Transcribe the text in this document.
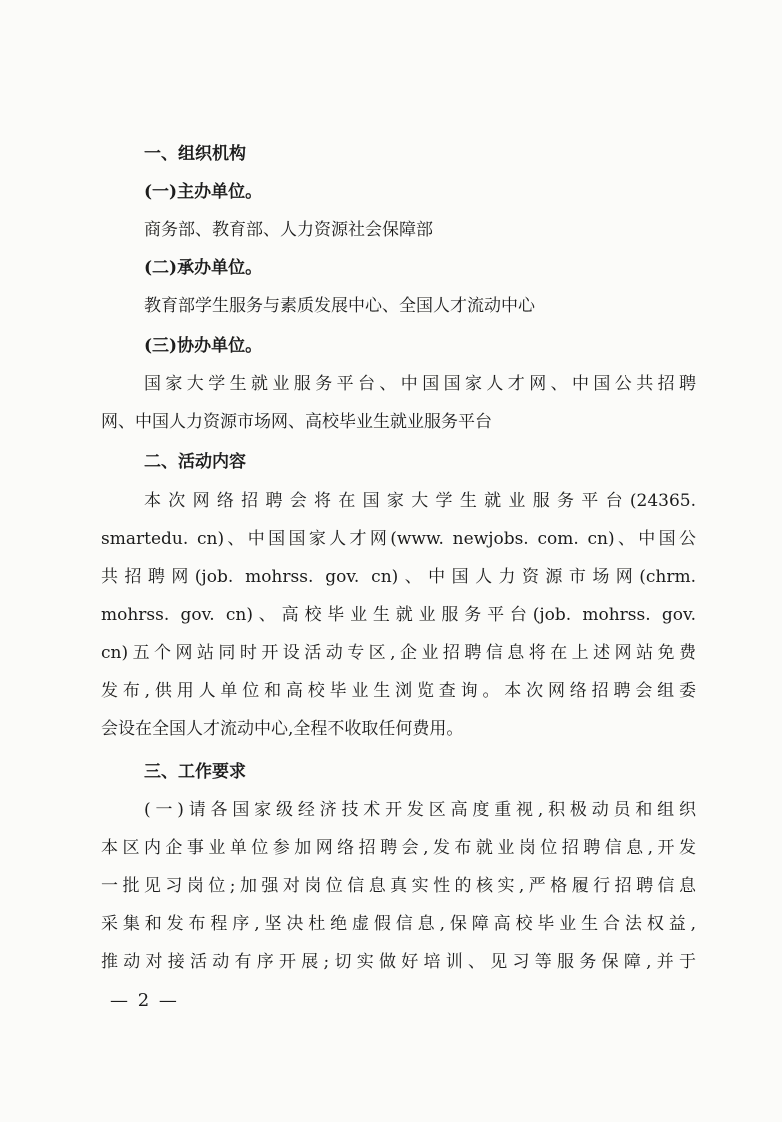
一、组织机构
(一)主办单位。
商务部、教育部、人力资源社会保障部
(二)承办单位。
教育部学生服务与素质发展中心、全国人才流动中心
(三)协办单位。
国家大学生就业服务平台、中国国家人才网、中国公共招聘
网、中国人力资源市场网、高校毕业生就业服务平台
二、活动内容
本次网络招聘会将在国家大学生就业服务平台(24365.
smartedu. cn)、中国国家人才网(www. newjobs. com. cn)、中国公
共招聘网(job. mohrss. gov. cn)、中国人力资源市场网(chrm.
mohrss. gov. cn)、高校毕业生就业服务平台(job. mohrss. gov.
cn)五个网站同时开设活动专区,企业招聘信息将在上述网站免费
发布,供用人单位和高校毕业生浏览查询。本次网络招聘会组委
会设在全国人才流动中心,全程不收取任何费用。
三、工作要求
(一)请各国家级经济技术开发区高度重视,积极动员和组织
本区内企事业单位参加网络招聘会,发布就业岗位招聘信息,开发
一批见习岗位;加强对岗位信息真实性的核实,严格履行招聘信息
采集和发布程序,坚决杜绝虚假信息,保障高校毕业生合法权益,
推动对接活动有序开展;切实做好培训、见习等服务保障,并于
— 2 —
